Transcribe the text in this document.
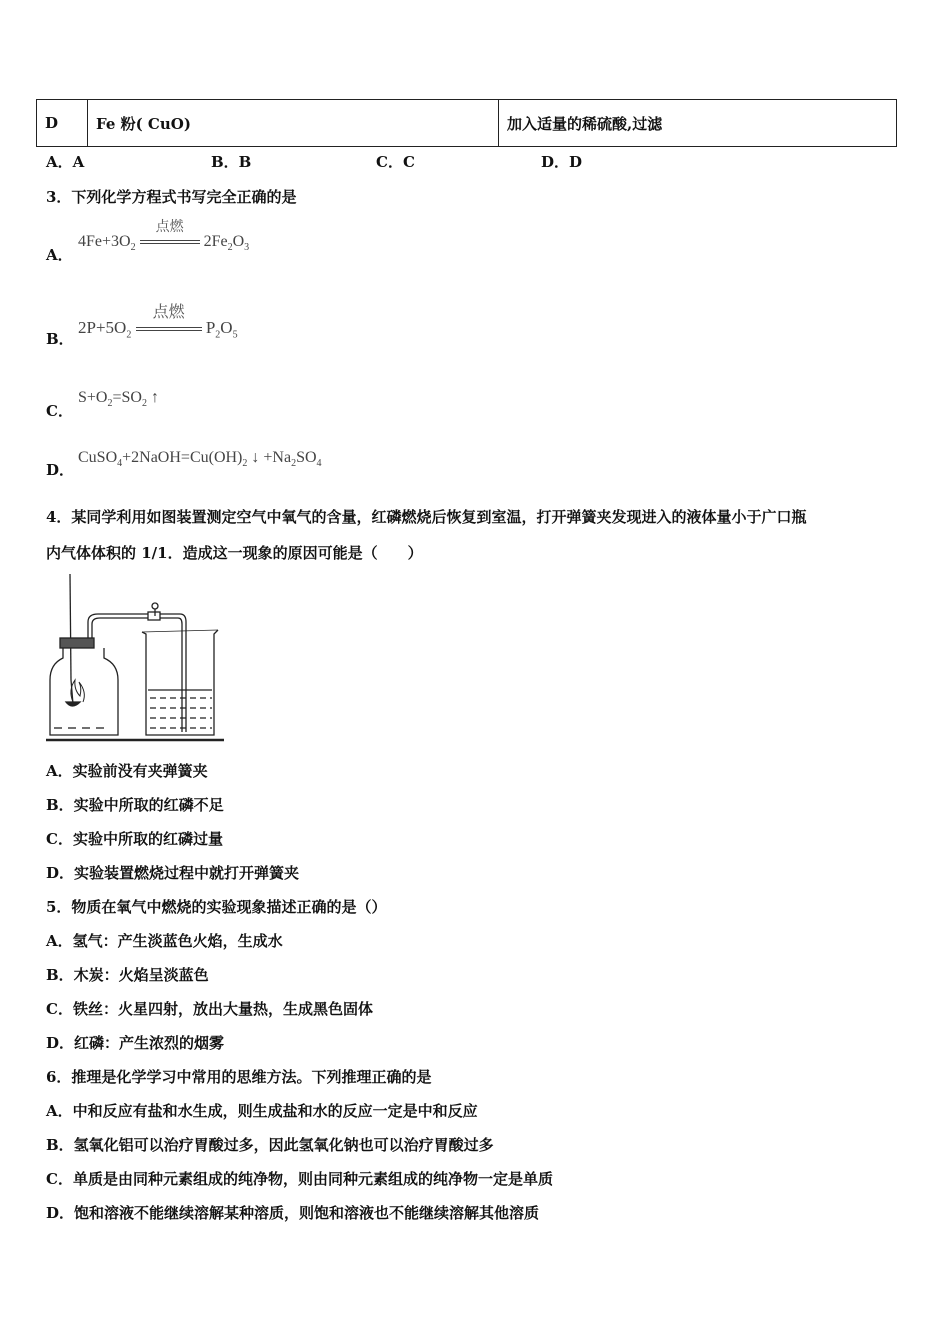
D	Fe 粉( CuO)	加入适量的稀硫酸,过滤
A．A	B．B	C．C	D．D
3．下列化学方程式书写完全正确的是
A．
$4Fe+3O_2$
点燃
$2Fe_2O_3$
B．
$2P+5O_2$
点燃
$P_2O_5$
C．
$S+O_2=SO_2$ ↑
D．
$CuSO_4+2NaOH=Cu(OH)_2$ ↓ $+Na_2SO_4$
4．某同学利用如图装置测定空气中氧气的含量，红磷燃烧后恢复到室温，打开弹簧夹发现进入的液体量小于广口瓶
内气体体积的 1/1．造成这一现象的原因可能是（　　）
A．实验前没有夹弹簧夹
B．实验中所取的红磷不足
C．实验中所取的红磷过量
D．实验装置燃烧过程中就打开弹簧夹
5．物质在氧气中燃烧的实验现象描述正确的是（）
A．氢气：产生淡蓝色火焰，生成水
B．木炭：火焰呈淡蓝色
C．铁丝：火星四射，放出大量热，生成黑色固体
D．红磷：产生浓烈的烟雾
6．推理是化学学习中常用的思维方法。下列推理正确的是
A．中和反应有盐和水生成，则生成盐和水的反应一定是中和反应
B．氢氧化铝可以治疗胃酸过多，因此氢氧化钠也可以治疗胃酸过多
C．单质是由同种元素组成的纯净物，则由同种元素组成的纯净物一定是单质
D．饱和溶液不能继续溶解某种溶质，则饱和溶液也不能继续溶解其他溶质
